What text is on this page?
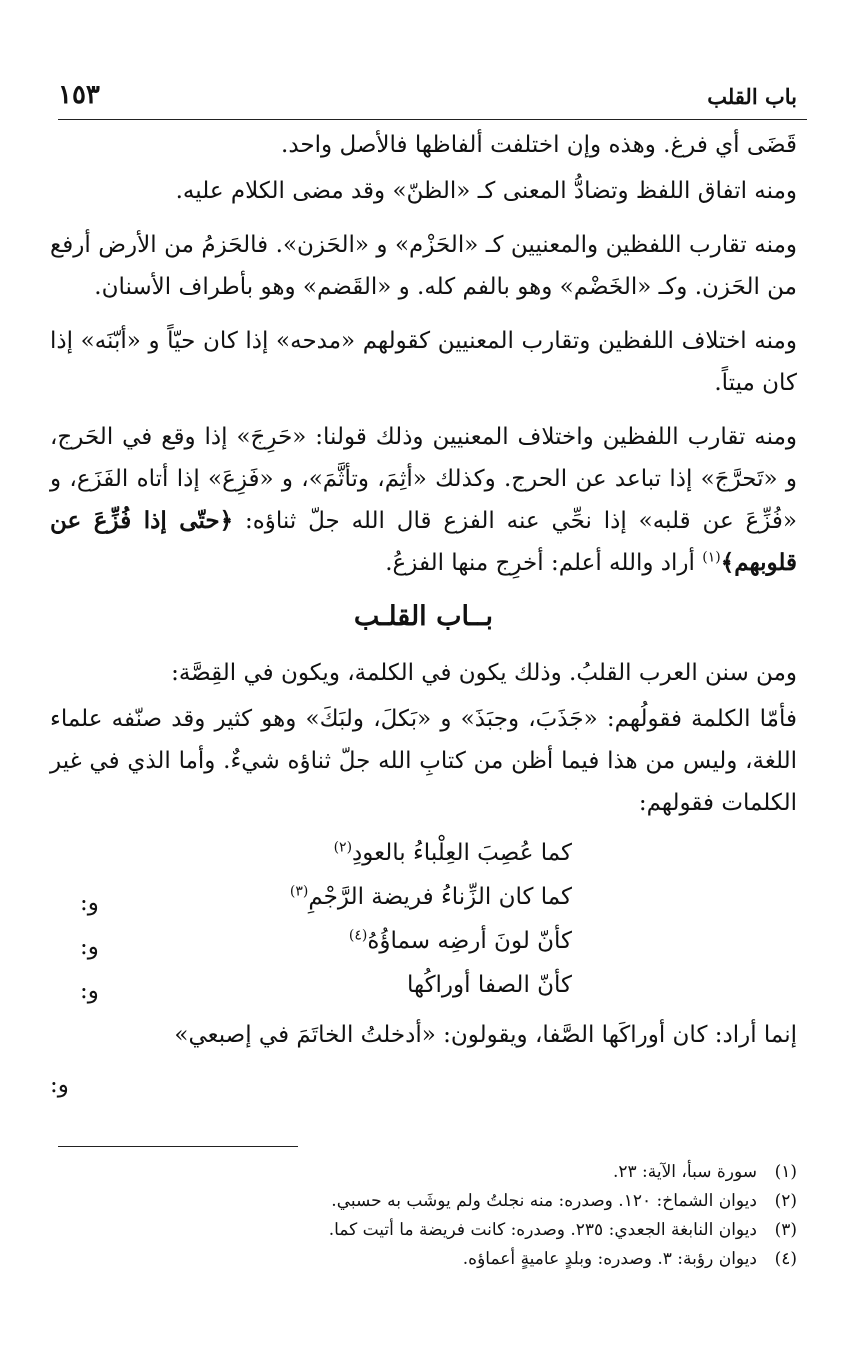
باب القلب
١٥٣

قَضَى أي فرغ. وهذه وإن اختلفت ألفاظها فالأصل واحد.

ومنه اتفاق اللفظ وتضادُّ المعنى كـ «الظنّ» وقد مضى الكلام عليه.

ومنه تقارب اللفظين والمعنيين كـ «الحَزْم» و «الحَزن». فالحَزمُ من الأرض أرفع من الحَزن. وكـ «الخَضْم» وهو بالفم كله. و «القَضم» وهو بأطراف الأسنان.

ومنه اختلاف اللفظين وتقارب المعنيين كقولهم «مدحه» إذا كان حيّاً و «أبّنَه» إذا كان ميتاً.

ومنه تقارب اللفظين واختلاف المعنيين وذلك قولنا: «حَرِجَ» إذا وقع في الحَرج، و «تَحرَّجَ» إذا تباعد عن الحرج. وكذلك «أثِمَ، وتأثَّمَ»، و «فَزِعَ» إذا أتاه الفَزَع، و «فُزِّعَ عن قلبه» إذا نحِّي عنه الفزع قال الله جلّ ثناؤه: ﴿حتّى إذا فُزِّعَ عن قلوبهم﴾$^{(١)}$ أراد والله أعلم: أخرِج منها الفزعُ.

بــاب القلـب

ومن سنن العرب القلبُ. وذلك يكون في الكلمة، ويكون في القِصَّة:

فأمّا الكلمة فقولُهم: «جَذَبَ، وجبَذَ» و «بَكلَ، ولبَكَ» وهو كثير وقد صنّفه علماء اللغة، وليس من هذا فيما أظن من كتابِ الله جلّ ثناؤه شيءٌ. وأما الذي في غير الكلمات فقولهم:

كما عُصِبَ العِلْباءُ بالعودِ$^{(٢)}$
و:	كما كان الزِّناءُ فريضة الرَّجْمِ$^{(٣)}$
و:	كأنّ لونَ أرضِه سماؤُهُ$^{(٤)}$
و:	كأنّ الصفا أوراكُها

إنما أراد: كان أوراكَها الصَّفا، ويقولون: «أدخلتُ الخاتَمَ في إصبعي»

و:

(١)
سورة سبأ، الآية: ٢٣.

(٢)
ديوان الشماخ: ١٢٠. وصدره: منه نجلتُ ولم يوشَب به حسبي.

(٣)
ديوان النابغة الجعدي: ٢٣٥. وصدره: كانت فريضة ما أتيت كما.

(٤)
ديوان رؤبة: ٣. وصدره: وبلدٍ عاميةٍ أعماؤه.
